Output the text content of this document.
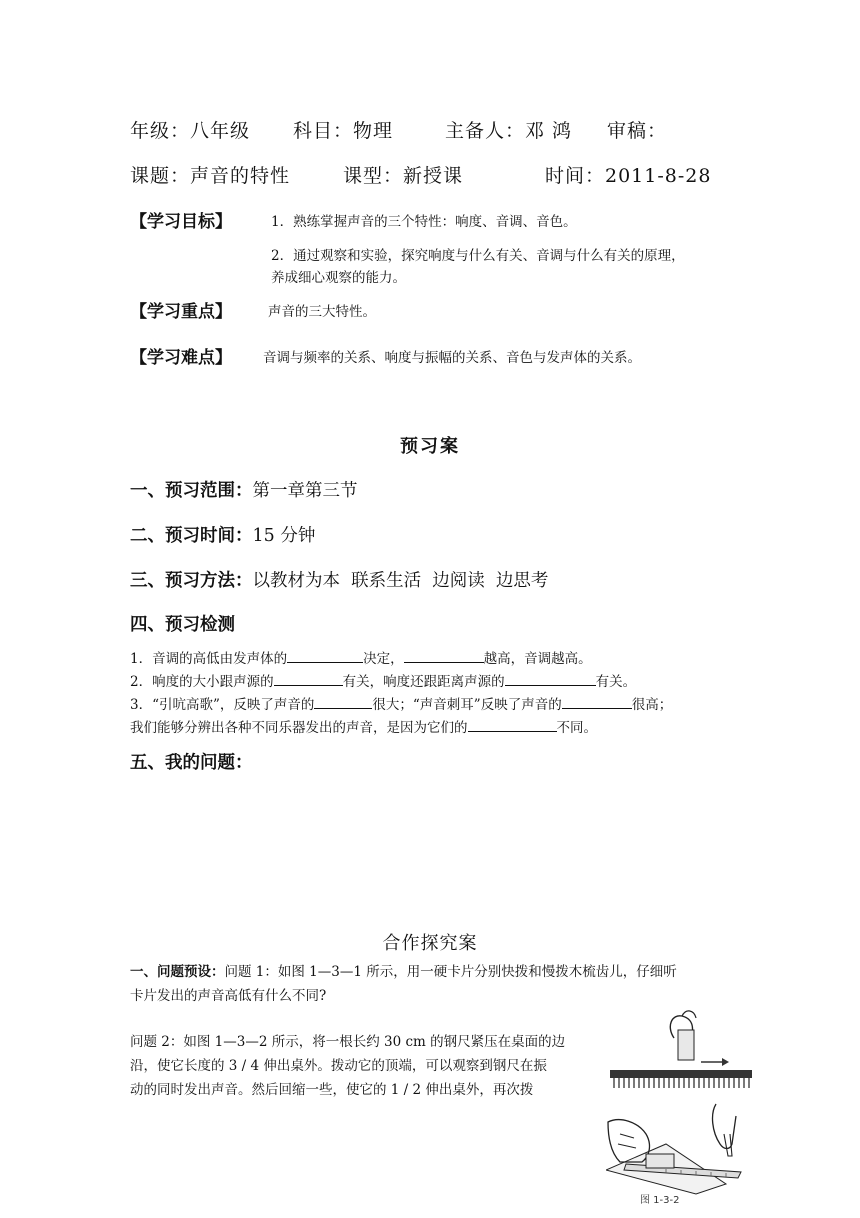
年级：八年级 科目：物理	主备人：邓 鸿 审稿：
课题：声音的特性	课型：新授课	时间：2011-8-28
【学习目标】	1．熟练掌握声音的三个特性：响度、音调、音色。
2．通过观察和实验，探究响度与什么有关、音调与什么有关的原理，
养成细心观察的能力。
【学习重点】	声音的三大特性。
【学习难点】 音调与频率的关系、响度与振幅的关系、音色与发声体的关系。
预习案
一、预习范围：第一章第三节
二、预习时间：15 分钟
三、预习方法：以教材为本  联系生活  边阅读  边思考
四、预习检测
1．音调的高低由发声体的	决定，	越高，音调越高。
2．响度的大小跟声源的	有关，响度还跟距离声源的	有关。
3．“引吭高歌”，反映了声音的	很大；“声音刺耳”反映了声音的	很高；
我们能够分辨出各种不同乐器发出的声音，是因为它们的	不同。
五、我的问题：
合作探究案
一、问题预设：问题 1：如图 1—3—1 所示，用一硬卡片分别快拨和慢拨木梳齿儿，仔细听
卡片发出的声音高低有什么不同?
问题 2：如图 1—3—2 所示，将一根长约 30 cm 的钢尺紧压在桌面的边
沿，使它长度的 3 / 4 伸出桌外。拨动它的顶端，可以观察到钢尺在振
动的同时发出声音。然后回缩一些，使它的 1 / 2 伸出桌外，再次拨
图 1-3-2
